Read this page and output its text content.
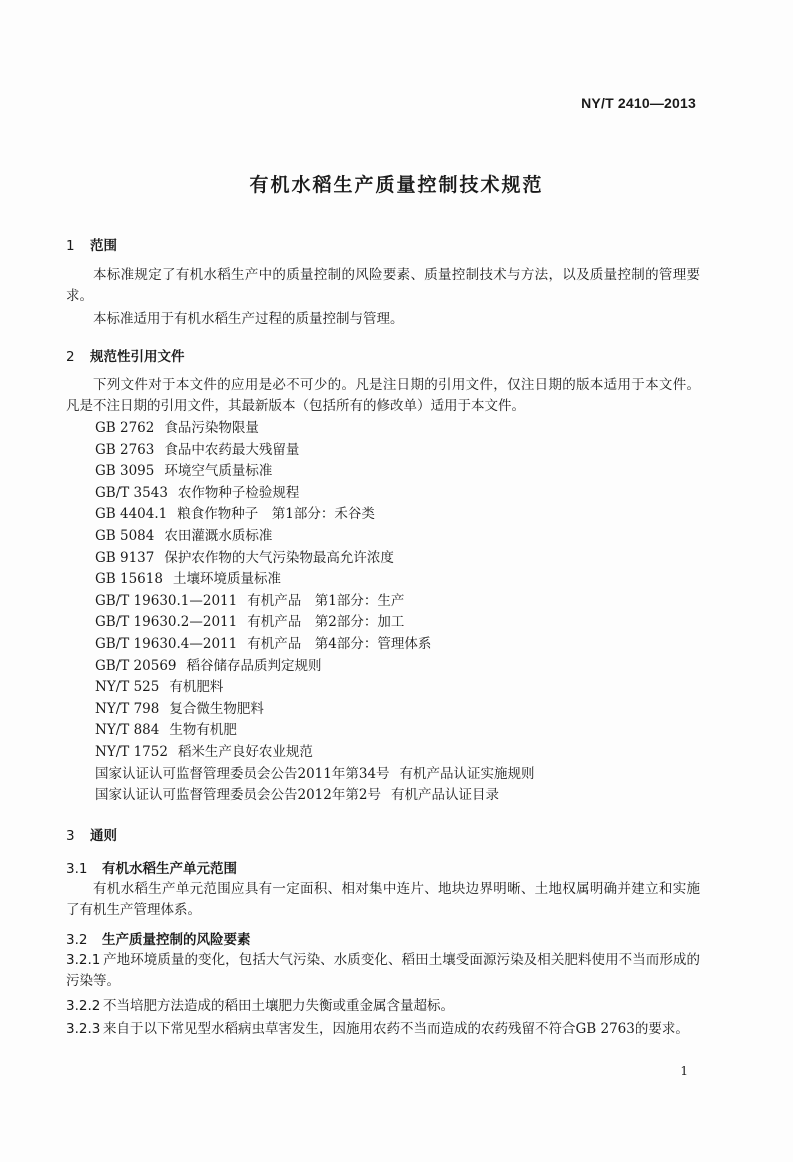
NY/T 2410—2013
有机水稻生产质量控制技术规范
1 范围
本标准规定了有机水稻生产中的质量控制的风险要素、质量控制技术与方法，以及质量控制的管理要求。
本标准适用于有机水稻生产过程的质量控制与管理。
2 规范性引用文件
下列文件对于本文件的应用是必不可少的。凡是注日期的引用文件，仅注日期的版本适用于本文件。凡是不注日期的引用文件，其最新版本（包括所有的修改单）适用于本文件。
GB 2762 食品污染物限量
GB 2763 食品中农药最大残留量
GB 3095 环境空气质量标准
GB/T 3543 农作物种子检验规程
GB 4404.1 粮食作物种子　第1部分：禾谷类
GB 5084 农田灌溉水质标准
GB 9137 保护农作物的大气污染物最高允许浓度
GB 15618 土壤环境质量标准
GB/T 19630.1—2011 有机产品　第1部分：生产
GB/T 19630.2—2011 有机产品　第2部分：加工
GB/T 19630.4—2011 有机产品　第4部分：管理体系
GB/T 20569 稻谷储存品质判定规则
NY/T 525 有机肥料
NY/T 798 复合微生物肥料
NY/T 884 生物有机肥
NY/T 1752 稻米生产良好农业规范
国家认证认可监督管理委员会公告2011年第34号 有机产品认证实施规则
国家认证认可监督管理委员会公告2012年第2号 有机产品认证目录
3 通则
3.1 有机水稻生产单元范围
有机水稻生产单元范围应具有一定面积、相对集中连片、地块边界明晰、土地权属明确并建立和实施了有机生产管理体系。
3.2 生产质量控制的风险要素
3.2.1 产地环境质量的变化，包括大气污染、水质变化、稻田土壤受面源污染及相关肥料使用不当而形成的污染等。
3.2.2 不当培肥方法造成的稻田土壤肥力失衡或重金属含量超标。
3.2.3 来自于以下常见型水稻病虫草害发生，因施用农药不当而造成的农药残留不符合GB 2763的要求。
1
